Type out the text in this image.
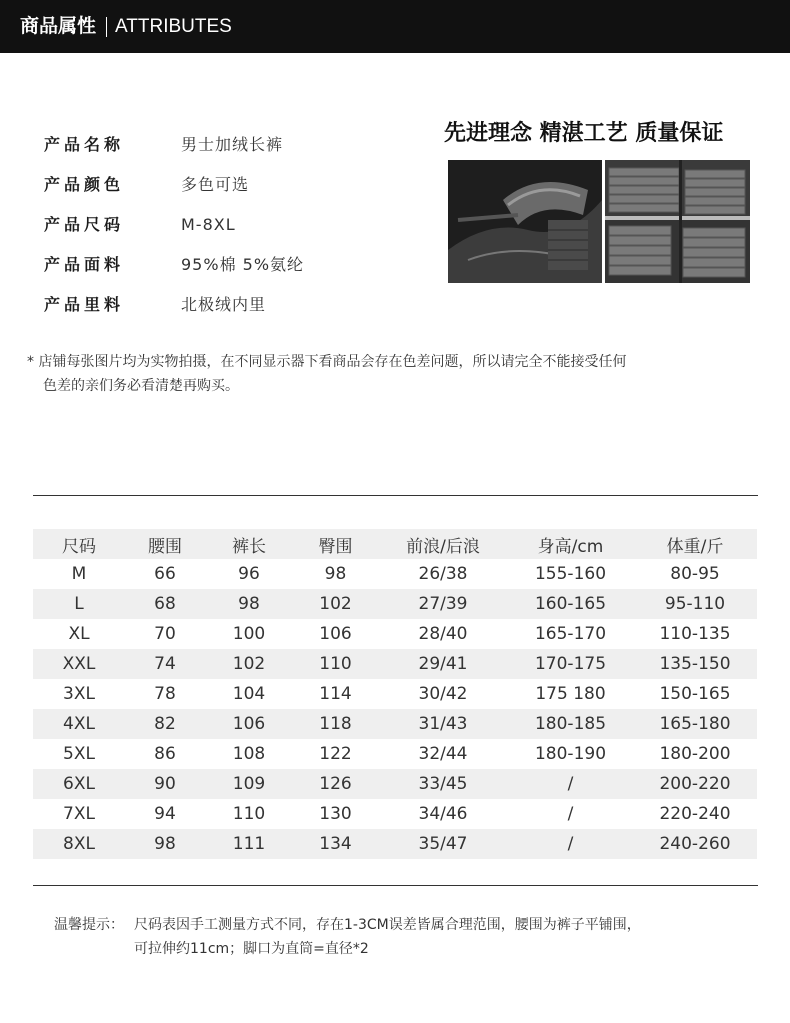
商品属性 ATTRIBUTES
产品名称	男士加绒长裤
产品颜色	多色可选
产品尺码	M-8XL
产品面料	95%棉 5%氨纶
产品里料	北极绒内里
先进理念 精湛工艺 质量保证
* 店铺每张图片均为实物拍摄，在不同显示器下看商品会存在色差问题，所以请完全不能接受任何
色差的亲们务必看清楚再购买。
尺码	腰围	裤长	臀围	前浪/后浪	身高/cm	体重/斤
M	66	96	98	26/38	155-160	80-95
L	68	98	102	27/39	160-165	95-110
XL	70	100	106	28/40	165-170	110-135
XXL	74	102	110	29/41	170-175	135-150
3XL	78	104	114	30/42	175 180	150-165
4XL	82	106	118	31/43	180-185	165-180
5XL	86	108	122	32/44	180-190	180-200
6XL	90	109	126	33/45	/	200-220
7XL	94	110	130	34/46	/	220-240
8XL	98	111	134	35/47	/	240-260
温馨提示： 尺码表因手工测量方式不同，存在1-3CM误差皆属合理范围，腰围为裤子平铺围，
可拉伸约11cm；脚口为直筒=直径*2
